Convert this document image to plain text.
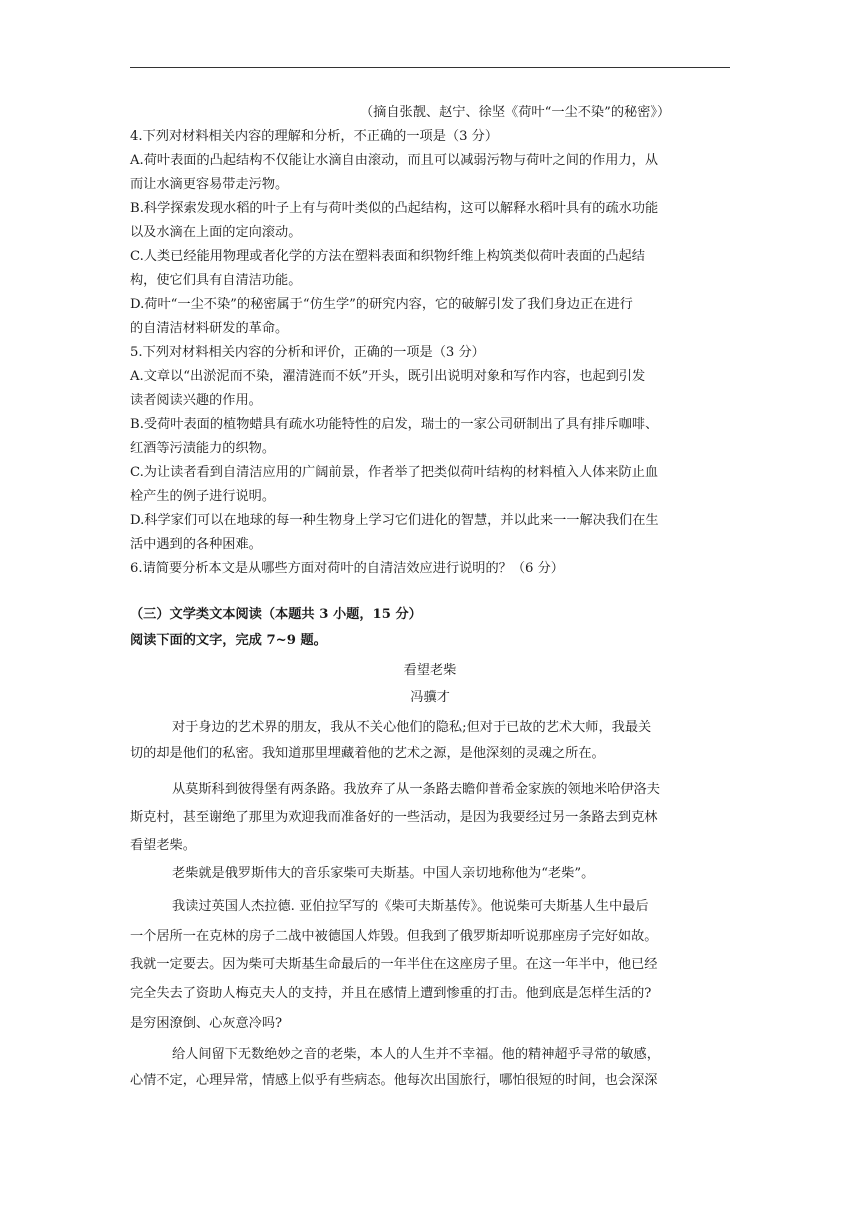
（摘自张靓、赵宁、徐坚《荷叶“一尘不染”的秘密》）
4.下列对材料相关内容的理解和分析，不正确的一项是（3 分）
A.荷叶表面的凸起结构不仅能让水滴自由滚动，而且可以减弱污物与荷叶之间的作用力，从
而让水滴更容易带走污物。
B.科学探索发现水稻的叶子上有与荷叶类似的凸起结构，这可以解释水稻叶具有的疏水功能
以及水滴在上面的定向滚动。
C.人类已经能用物理或者化学的方法在塑料表面和织物纤维上构筑类似荷叶表面的凸起结
构，使它们具有自清洁功能。
D.荷叶“一尘不染”的秘密属于“仿生学”的研究内容，它的破解引发了我们身边正在进行
的自清洁材料研发的革命。
5.下列对材料相关内容的分析和评价，正确的一项是（3 分）
A.文章以“出淤泥而不染，濯清涟而不妖”开头，既引出说明对象和写作内容，也起到引发
读者阅读兴趣的作用。
B.受荷叶表面的植物蜡具有疏水功能特性的启发，瑞士的一家公司研制出了具有排斥咖啡、
红酒等污渍能力的织物。
C.为让读者看到自清洁应用的广阔前景，作者举了把类似荷叶结构的材料植入人体来防止血
栓产生的例子进行说明。
D.科学家们可以在地球的每一种生物身上学习它们进化的智慧，并以此来一一解决我们在生
活中遇到的各种困难。
6.请简要分析本文是从哪些方面对荷叶的自清洁效应进行说明的？（6 分）
（三）文学类文本阅读（本题共 3 小题，15 分）
阅读下面的文字，完成 7~9 题。
看望老柴
冯骥才
对于身边的艺术界的朋友，我从不关心他们的隐私;但对于已故的艺术大师，我最关
切的却是他们的私密。我知道那里埋藏着他的艺术之源，是他深刻的灵魂之所在。
从莫斯科到彼得堡有两条路。我放弃了从一条路去瞻仰普希金家族的领地米哈伊洛夫
斯克村，甚至谢绝了那里为欢迎我而准备好的一些活动，是因为我要经过另一条路去到克林
看望老柴。
老柴就是俄罗斯伟大的音乐家柴可夫斯基。中国人亲切地称他为“老柴”。
我读过英国人杰拉德. 亚伯拉罕写的《柴可夫斯基传》。他说柴可夫斯基人生中最后
一个居所一在克林的房子二战中被德国人炸毁。但我到了俄罗斯却听说那座房子完好如故。
我就一定要去。因为柴可夫斯基生命最后的一年半住在这座房子里。在这一年半中，他已经
完全失去了资助人梅克夫人的支持，并且在感情上遭到惨重的打击。他到底是怎样生活的?
是穷困潦倒、心灰意冷吗?
给人间留下无数绝妙之音的老柴，本人的人生并不幸福。他的精神超乎寻常的敏感，
心情不定，心理异常，情感上似乎有些病态。他每次出国旅行，哪怕很短的时间，也会深深
